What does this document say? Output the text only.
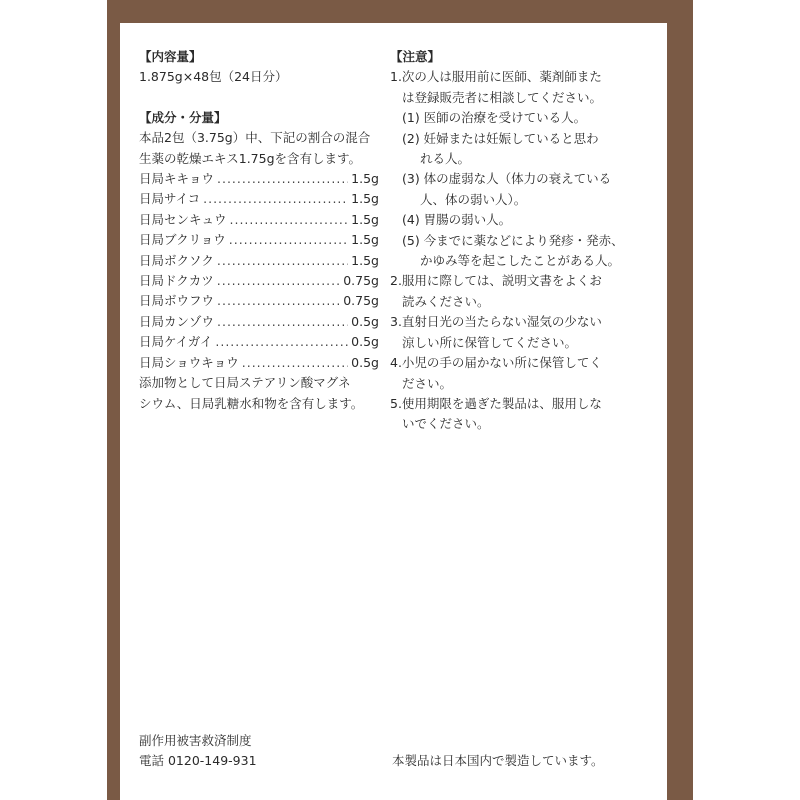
【内容量】
1.875g×48包（24日分）
【成分・分量】
本品2包（3.75g）中、下記の割合の混合
生薬の乾燥エキス1.75gを含有します。
日局キキョウ .....	1.5g
日局サイコ .....	1.5g
日局センキュウ .....	1.5g
日局ブクリョウ .....	1.5g
日局ボクソク .....	1.5g
日局ドクカツ .....	0.75g
日局ボウフウ .....	0.75g
日局カンゾウ .....	0.5g
日局ケイガイ .....	0.5g
日局ショウキョウ .....	0.5g
添加物として日局ステアリン酸マグネ
シウム、日局乳糖水和物を含有します。
【注意】
1.次の人は服用前に医師、薬剤師また
は登録販売者に相談してください。
(1) 医師の治療を受けている人。
(2) 妊婦または妊娠していると思わ
れる人。
(3) 体の虚弱な人（体力の衰えている
人、体の弱い人）。
(4) 胃腸の弱い人。
(5) 今までに薬などにより発疹・発赤、
かゆみ等を起こしたことがある人。
2.服用に際しては、説明文書をよくお
読みください。
3.直射日光の当たらない湿気の少ない
涼しい所に保管してください。
4.小児の手の届かない所に保管してく
ださい。
5.使用期限を過ぎた製品は、服用しな
いでください。
副作用被害救済制度
電話 0120-149-931	本製品は日本国内で製造しています。
